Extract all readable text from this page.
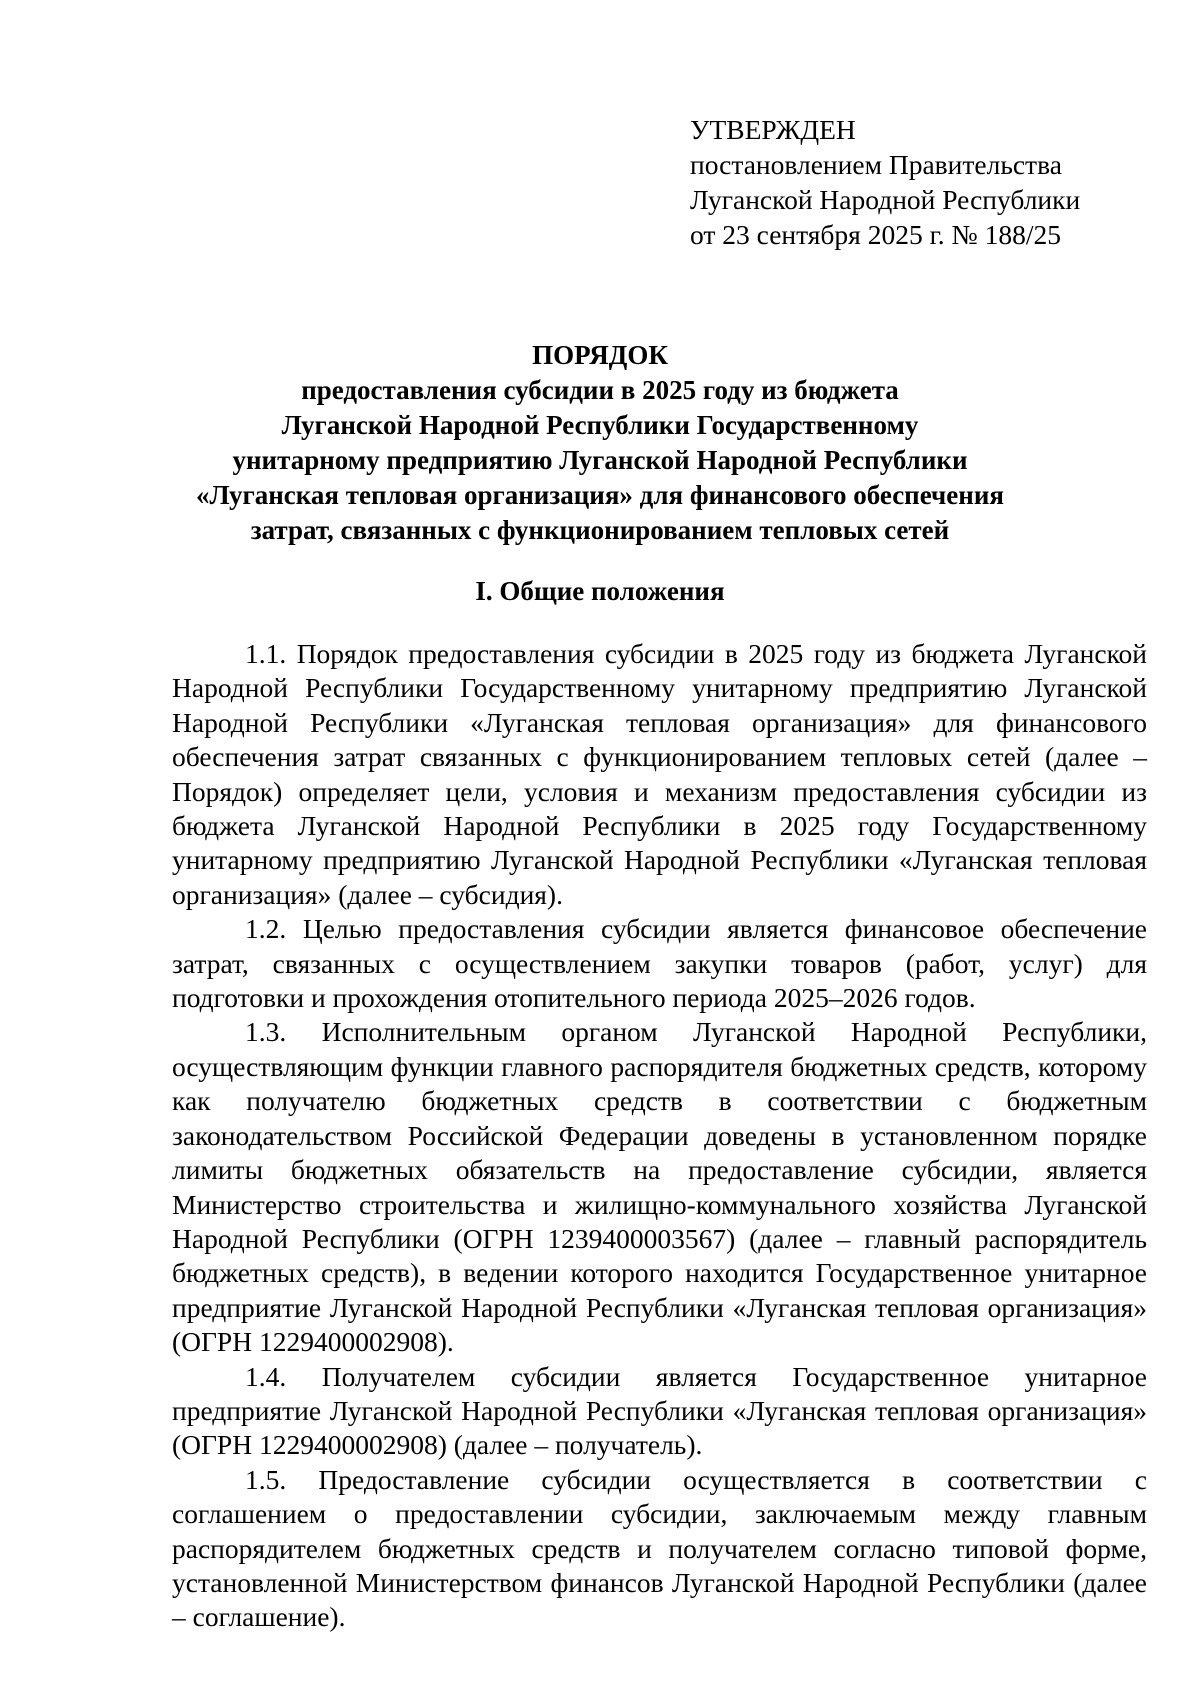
УТВЕРЖДЕН
постановлением Правительства
Луганской Народной Республики
от 23 сентября 2025 г. № 188/25
ПОРЯДОК
предоставления субсидии в 2025 году из бюджета
Луганской Народной Республики Государственному
унитарному предприятию Луганской Народной Республики
«Луганская тепловая организация» для финансового обеспечения
затрат, связанных с функционированием тепловых сетей
I. Общие положения

1.1. Порядок предоставления субсидии в 2025 году из бюджета Луганской Народной Республики Государственному унитарному предприятию Луганской Народной Республики «Луганская тепловая организация» для финансового обеспечения затрат связанных с функционированием тепловых сетей (далее – Порядок) определяет цели, условия и механизм предоставления субсидии из бюджета Луганской Народной Республики в 2025 году Государственному унитарному предприятию Луганской Народной Республики «Луганская тепловая организация» (далее – субсидия).

1.2. Целью предоставления субсидии является финансовое обеспечение затрат, связанных с осуществлением закупки товаров (работ, услуг) для подготовки и прохождения отопительного периода 2025–2026 годов.

1.3. Исполнительным органом Луганской Народной Республики, осуществляющим функции главного распорядителя бюджетных средств, которому как получателю бюджетных средств в соответствии с бюджетным законодательством Российской Федерации доведены в установленном порядке лимиты бюджетных обязательств на предоставление субсидии, является Министерство строительства и жилищно-коммунального хозяйства Луганской Народной Республики (ОГРН 1239400003567) (далее – главный распорядитель бюджетных средств), в ведении которого находится Государственное унитарное предприятие Луганской Народной Республики «Луганская тепловая организация» (ОГРН 1229400002908).

1.4. Получателем субсидии является Государственное унитарное предприятие Луганской Народной Республики «Луганская тепловая организация» (ОГРН 1229400002908) (далее – получатель).

1.5. Предоставление субсидии осуществляется в соответствии с соглашением о предоставлении субсидии, заключаемым между главным распорядителем бюджетных средств и получателем согласно типовой форме, установленной Министерством финансов Луганской Народной Республики (далее – соглашение).
